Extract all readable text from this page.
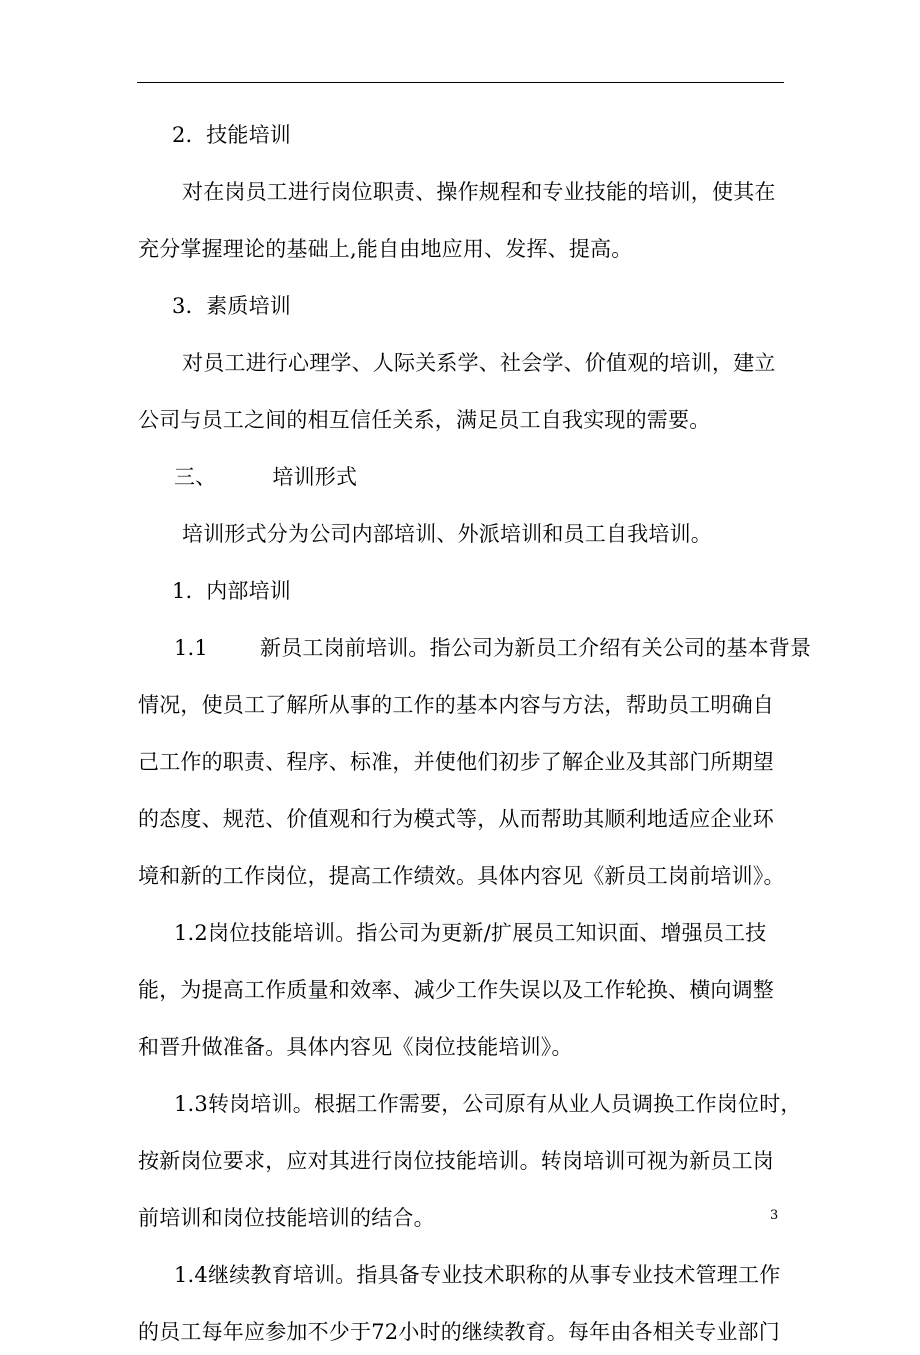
2. 技能培训
对在岗员工进行岗位职责、操作规程和专业技能的培训，使其在
充分掌握理论的基础上,能自由地应用、发挥、提高。
3. 素质培训
对员工进行心理学、人际关系学、社会学、价值观的培训，建立
公司与员工之间的相互信任关系，满足员工自我实现的需要。
三、	培训形式
培训形式分为公司内部培训、外派培训和员工自我培训。
1. 内部培训
1.1 新员工岗前培训。指公司为新员工介绍有关公司的基本背景
情况，使员工了解所从事的工作的基本内容与方法，帮助员工明确自
己工作的职责、程序、标准，并使他们初步了解企业及其部门所期望
的态度、规范、价值观和行为模式等，从而帮助其顺利地适应企业环
境和新的工作岗位，提高工作绩效。具体内容见《新员工岗前培训》。
1.2岗位技能培训。指公司为更新/扩展员工知识面、增强员工技
能，为提高工作质量和效率、减少工作失误以及工作轮换、横向调整
和晋升做准备。具体内容见《岗位技能培训》。
1.3转岗培训。根据工作需要，公司原有从业人员调换工作岗位时，
按新岗位要求，应对其进行岗位技能培训。转岗培训可视为新员工岗
前培训和岗位技能培训的结合。
1.4继续教育培训。指具备专业技术职称的从事专业技术管理工作
的员工每年应参加不少于72小时的继续教育。每年由各相关专业部门
3
